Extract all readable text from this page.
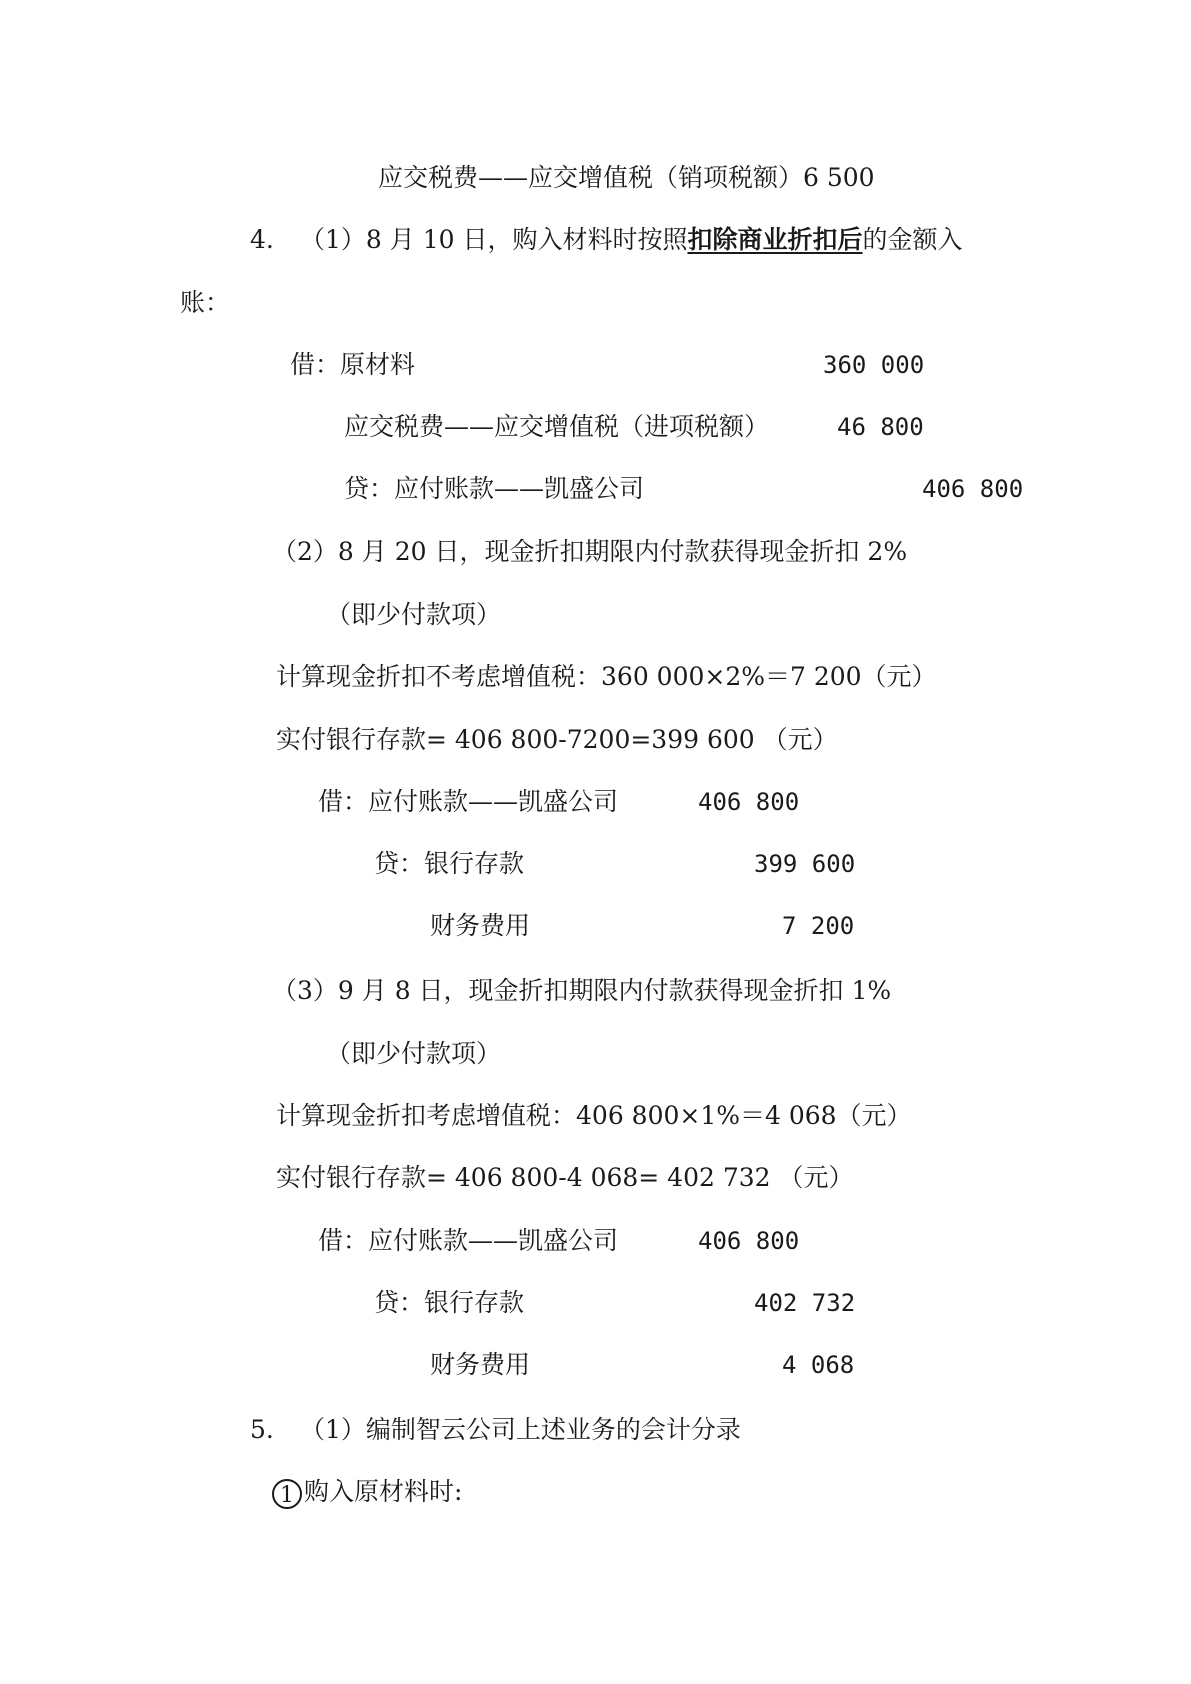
应交税费——应交增值税（销项税额）6 500
4. （1）8 月 10 日，购入材料时按照扣除商业折扣后的金额入
账：
借：原材料	360 000
应交税费——应交增值税（进项税额）	46 800
贷：应付账款——凯盛公司	406 800
（2）8 月 20 日，现金折扣期限内付款获得现金折扣 2%
（即少付款项）
计算现金折扣不考虑增值税：360 000×2%＝7 200（元）
实付银行存款= 406 800-7200=399 600 （元）
借：应付账款——凯盛公司	406 800
贷：银行存款	399 600
财务费用	7 200
（3）9 月 8 日，现金折扣期限内付款获得现金折扣 1%
（即少付款项）
计算现金折扣考虑增值税：406 800×1%＝4 068（元）
实付银行存款= 406 800-4 068= 402 732 （元）
借：应付账款——凯盛公司	406 800
贷：银行存款	402 732
财务费用	4 068
5. （1）编制智云公司上述业务的会计分录
1 购入原材料时:
